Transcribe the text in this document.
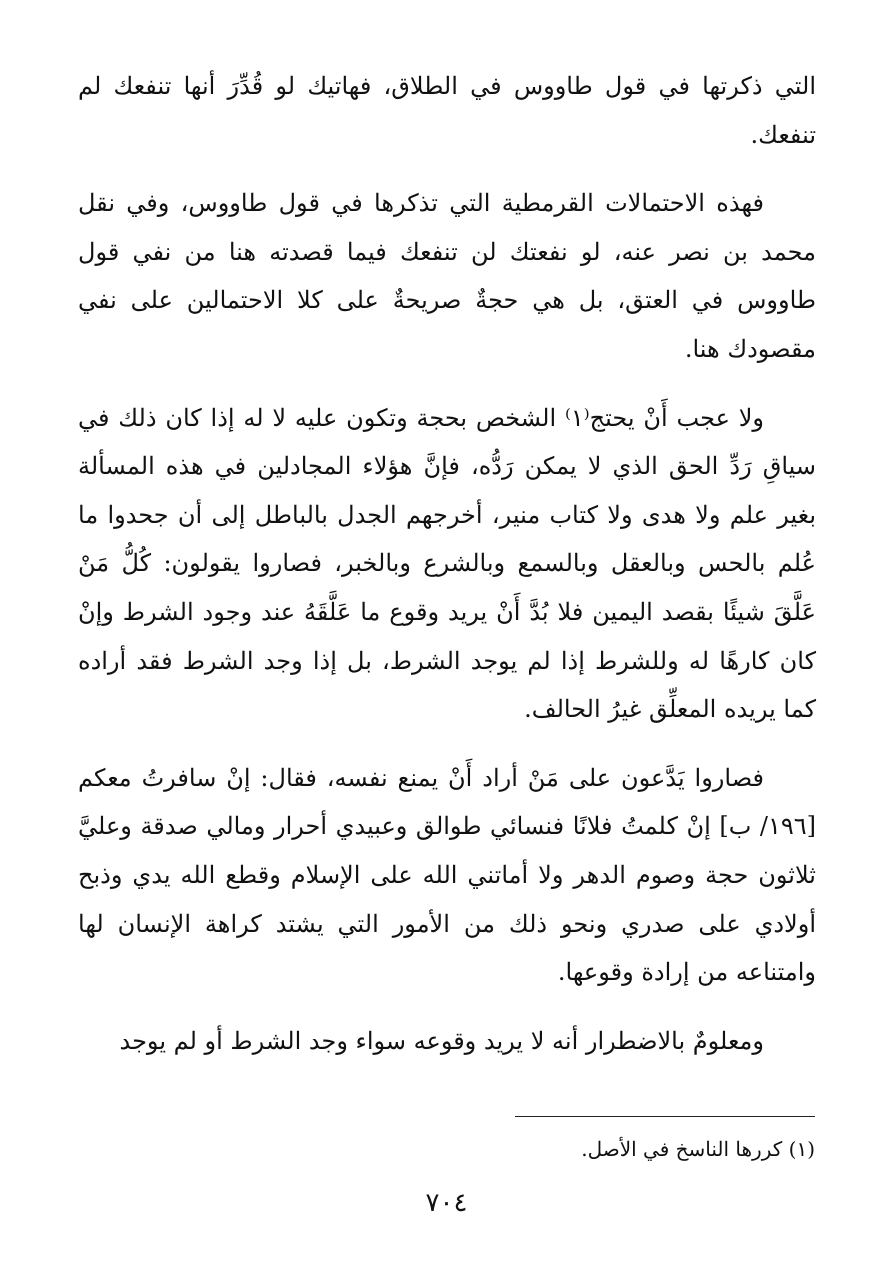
التي ذكرتها في قول طاووس في الطلاق، فهاتيك لو قُدِّرَ أنها تنفعك لم تنفعك.

فهذه الاحتمالات القرمطية التي تذكرها في قول طاووس، وفي نقل محمد بن نصر عنه، لو نفعتك لن تنفعك فيما قصدته هنا من نفي قول طاووس في العتق، بل هي حجةٌ صريحةٌ على كلا الاحتمالين على نفي مقصودك هنا.

ولا عجب أَنْ يحتج⁽١⁾ الشخص بحجة وتكون عليه لا له إذا كان ذلك في سياقِ رَدِّ الحق الذي لا يمكن رَدُّه، فإنَّ هؤلاء المجادلين في هذه المسألة بغير علم ولا هدى ولا كتاب منير، أخرجهم الجدل بالباطل إلى أن جحدوا ما عُلم بالحس وبالعقل وبالسمع وبالشرع وبالخبر، فصاروا يقولون: كُلُّ مَنْ عَلَّقَ شيئًا بقصد اليمين فلا بُدَّ أَنْ يريد وقوع ما عَلَّقَهُ عند وجود الشرط وإنْ كان كارهًا له وللشرط إذا لم يوجد الشرط، بل إذا وجد الشرط فقد أراده كما يريده المعلِّق غيرُ الحالف.

فصاروا يَدَّعون على مَنْ أراد أَنْ يمنع نفسه، فقال: إنْ سافرتُ معكم [١٩٦/ ب] إنْ كلمتُ فلانًا فنسائي طوالق وعبيدي أحرار ومالي صدقة وعليَّ ثلاثون حجة وصوم الدهر ولا أماتني الله على الإسلام وقطع الله يدي وذبح أولادي على صدري ونحو ذلك من الأمور التي يشتد كراهة الإنسان لها وامتناعه من إرادة وقوعها.

ومعلومٌ بالاضطرار أنه لا يريد وقوعه سواء وجد الشرط أو لم يوجد

(١) كررها الناسخ في الأصل.
٧٠٤
